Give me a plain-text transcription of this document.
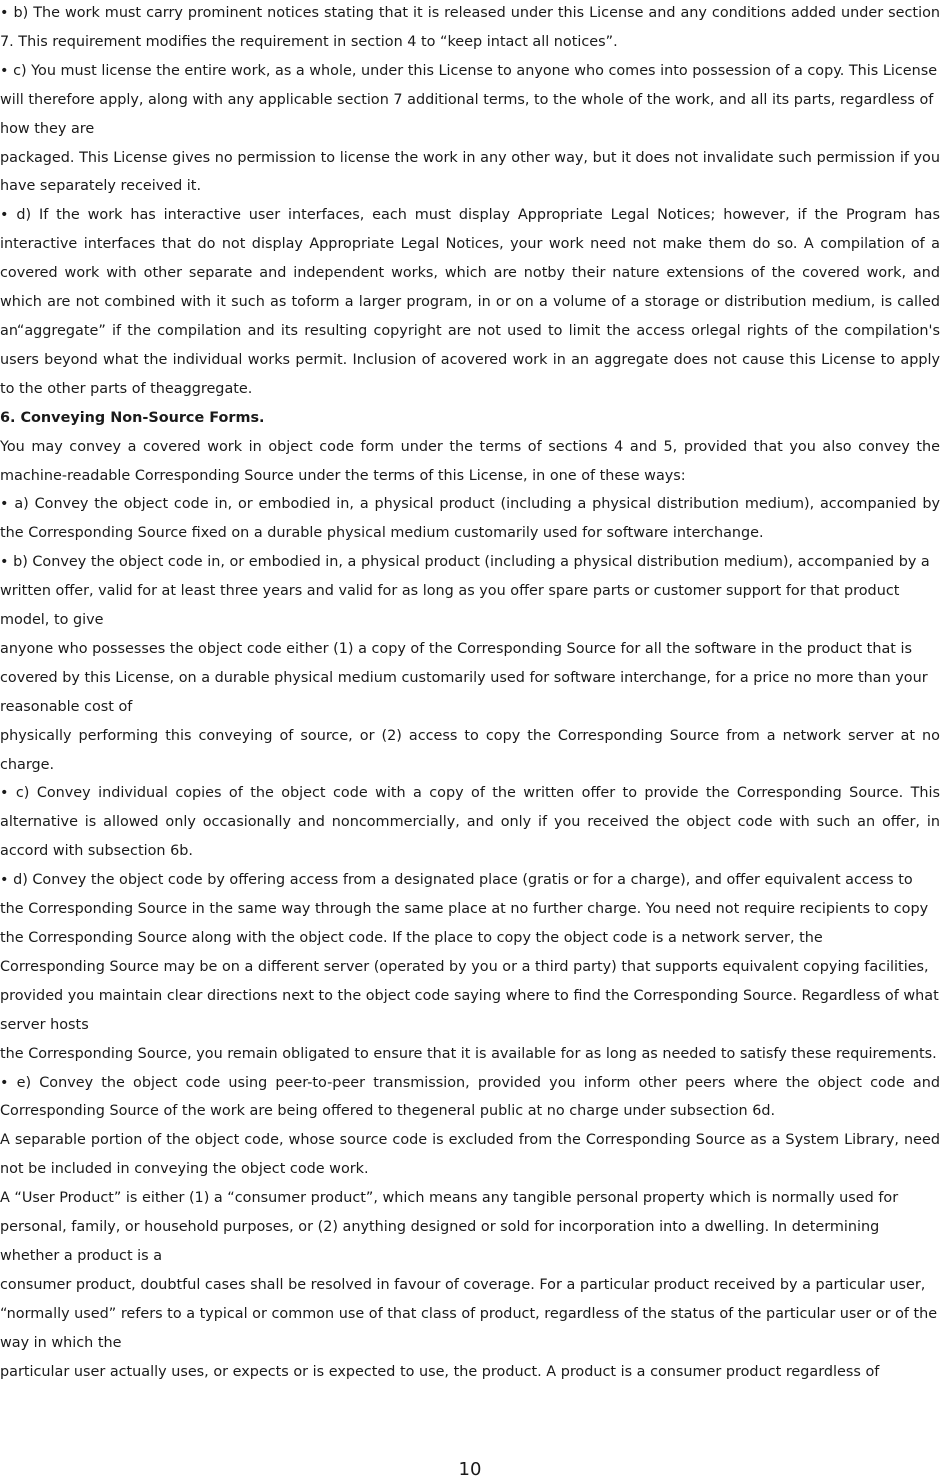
• b) The work must carry prominent notices stating that it is released under this License and any conditions added under section 7. This requirement modifies the requirement in section 4 to “keep intact all notices”.

• c) You must license the entire work, as a whole, under this License to anyone who comes into possession of a copy. This License will therefore apply, along with any applicable section 7 additional terms, to the whole of the work, and all its parts, regardless of how they are

packaged. This License gives no permission to license the work in any other way, but it does not invalidate such permission if you have separately received it.

• d) If the work has interactive user interfaces, each must display Appropriate Legal Notices; however, if the Program has interactive interfaces that do not display Appropriate Legal Notices, your work need not make them do so. A compilation of a covered work with other separate and independent works, which are notby their nature extensions of the covered work, and which are not combined with it such as toform a larger program, in or on a volume of a storage or distribution medium, is called an“aggregate” if the compilation and its resulting copyright are not used to limit the access orlegal rights of the compilation's users beyond what the individual works permit. Inclusion of acovered work in an aggregate does not cause this License to apply to the other parts of theaggregate.

6. Conveying Non-Source Forms.

You may convey a covered work in object code form under the terms of sections 4 and 5, provided that you also convey the machine-readable Corresponding Source under the terms of this License, in one of these ways:

• a) Convey the object code in, or embodied in, a physical product (including a physical distribution medium), accompanied by the Corresponding Source fixed on a durable physical medium customarily used for software interchange.

• b) Convey the object code in, or embodied in, a physical product (including a physical distribution medium), accompanied by a written offer, valid for at least three years and valid for as long as you offer spare parts or customer support for that product model, to give

anyone who possesses the object code either (1) a copy of the Corresponding Source for all the software in the product that is covered by this License, on a durable physical medium customarily used for software interchange, for a price no more than your reasonable cost of

physically performing this conveying of source, or (2) access to copy the Corresponding Source from a network server at no charge.

• c) Convey individual copies of the object code with a copy of the written offer to provide the Corresponding Source. This alternative is allowed only occasionally and noncommercially, and only if you received the object code with such an offer, in accord with subsection 6b.

• d) Convey the object code by offering access from a designated place (gratis or for a charge), and offer equivalent access to the Corresponding Source in the same way through the same place at no further charge. You need not require recipients to copy the Corresponding Source along with the object code. If the place to copy the object code is a network server, the

Corresponding Source may be on a different server (operated by you or a third party) that supports equivalent copying facilities, provided you maintain clear directions next to the object code saying where to find the Corresponding Source. Regardless of what server hosts

the Corresponding Source, you remain obligated to ensure that it is available for as long as needed to satisfy these requirements.

• e) Convey the object code using peer-to-peer transmission, provided you inform other peers where the object code and Corresponding Source of the work are being offered to thegeneral public at no charge under subsection 6d.

A separable portion of the object code, whose source code is excluded from the Corresponding Source as a System Library, need not be included in conveying the object code work.

A “User Product” is either (1) a “consumer product”, which means any tangible personal property which is normally used for personal, family, or household purposes, or (2) anything designed or sold for incorporation into a dwelling. In determining whether a product is a

consumer product, doubtful cases shall be resolved in favour of coverage. For a particular product received by a particular user, “normally used” refers to a typical or common use of that class of product, regardless of the status of the particular user or of the way in which the

particular user actually uses, or expects or is expected to use, the product. A product is a consumer product regardless of

10
